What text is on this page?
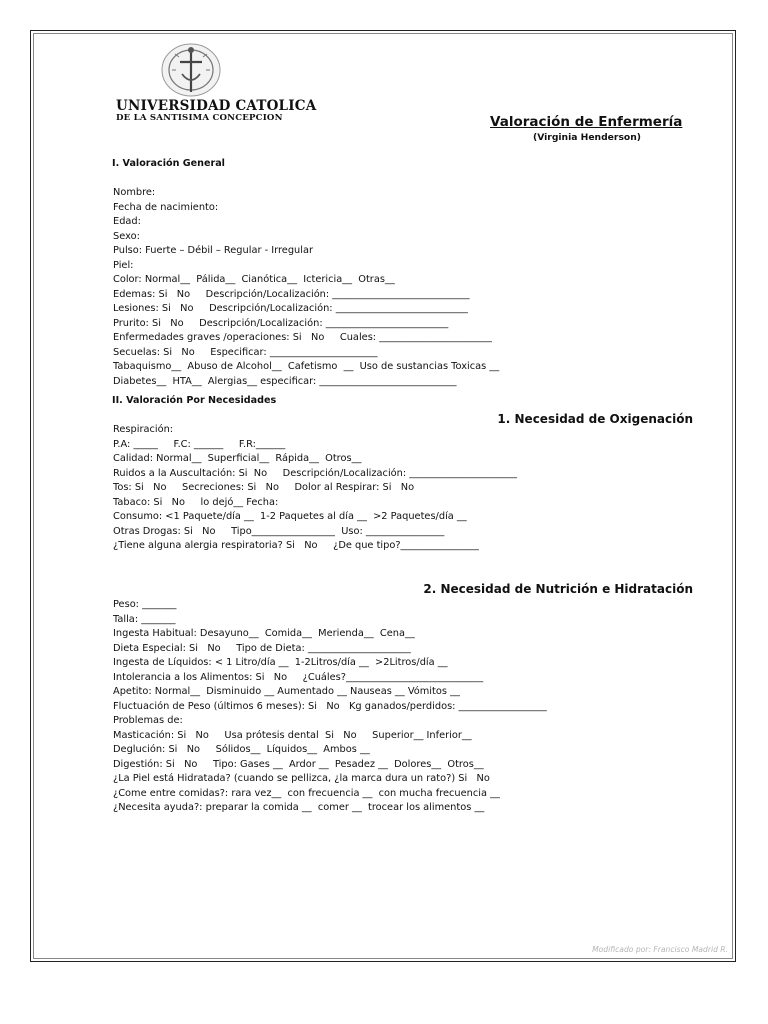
UNIVERSIDAD CATOLICA
DE LA SANTISIMA CONCEPCION	Valoración de Enfermería
(Virginia Henderson)
I. Valoración General
Nombre:
Fecha de nacimiento:
Edad:
Sexo:
Pulso: Fuerte – Débil – Regular - Irregular
Piel:
Color: Normal__  Pálida__  Cianótica__  Ictericia__  Otras__
Edemas: Si   No     Descripción/Localización: ____________________________
Lesiones: Si   No     Descripción/Localización: ___________________________
Prurito: Si   No     Descripción/Localización: _________________________
Enfermedades graves /operaciones: Si   No     Cuales: _______________________
Secuelas: Si   No     Especificar: ______________________
Tabaquismo__  Abuso de Alcohol__  Cafetismo  __  Uso de sustancias Toxicas __
Diabetes__  HTA__  Alergias__ especificar: ____________________________
II. Valoración Por Necesidades
1. Necesidad de Oxigenación
Respiración:
P.A: _____     F.C: ______     F.R:______
Calidad: Normal__  Superficial__  Rápida__  Otros__
Ruidos a la Auscultación: Si  No     Descripción/Localización: ______________________
Tos: Si   No     Secreciones: Si   No     Dolor al Respirar: Si   No
Tabaco: Si   No     lo dejó__ Fecha:
Consumo: <1 Paquete/día __  1-2 Paquetes al día __  >2 Paquetes/día __
Otras Drogas: Si   No     Tipo_________________  Uso: ________________
¿Tiene alguna alergia respiratoria? Si   No     ¿De que tipo?________________
2. Necesidad de Nutrición e Hidratación
Peso: _______
Talla: _______
Ingesta Habitual: Desayuno__  Comida__  Merienda__  Cena__
Dieta Especial: Si   No     Tipo de Dieta: _____________________
Ingesta de Líquidos: < 1 Litro/día __  1-2Litros/día __  >2Litros/día __
Intolerancia a los Alimentos: Si   No     ¿Cuáles?____________________________
Apetito: Normal__  Disminuido __ Aumentado __ Nauseas __ Vómitos __
Fluctuación de Peso (últimos 6 meses): Si   No   Kg ganados/perdidos: __________________
Problemas de:
Masticación: Si   No     Usa prótesis dental  Si   No     Superior__ Inferior__
Deglución: Si   No     Sólidos__  Líquidos__  Ambos __
Digestión: Si   No     Tipo: Gases __  Ardor __  Pesadez __  Dolores__  Otros__
¿La Piel está Hidratada? (cuando se pellizca, ¿la marca dura un rato?) Si   No
¿Come entre comidas?: rara vez__  con frecuencia __  con mucha frecuencia __
¿Necesita ayuda?: preparar la comida __  comer __  trocear los alimentos __
Modificado por: Francisco Madrid R.
